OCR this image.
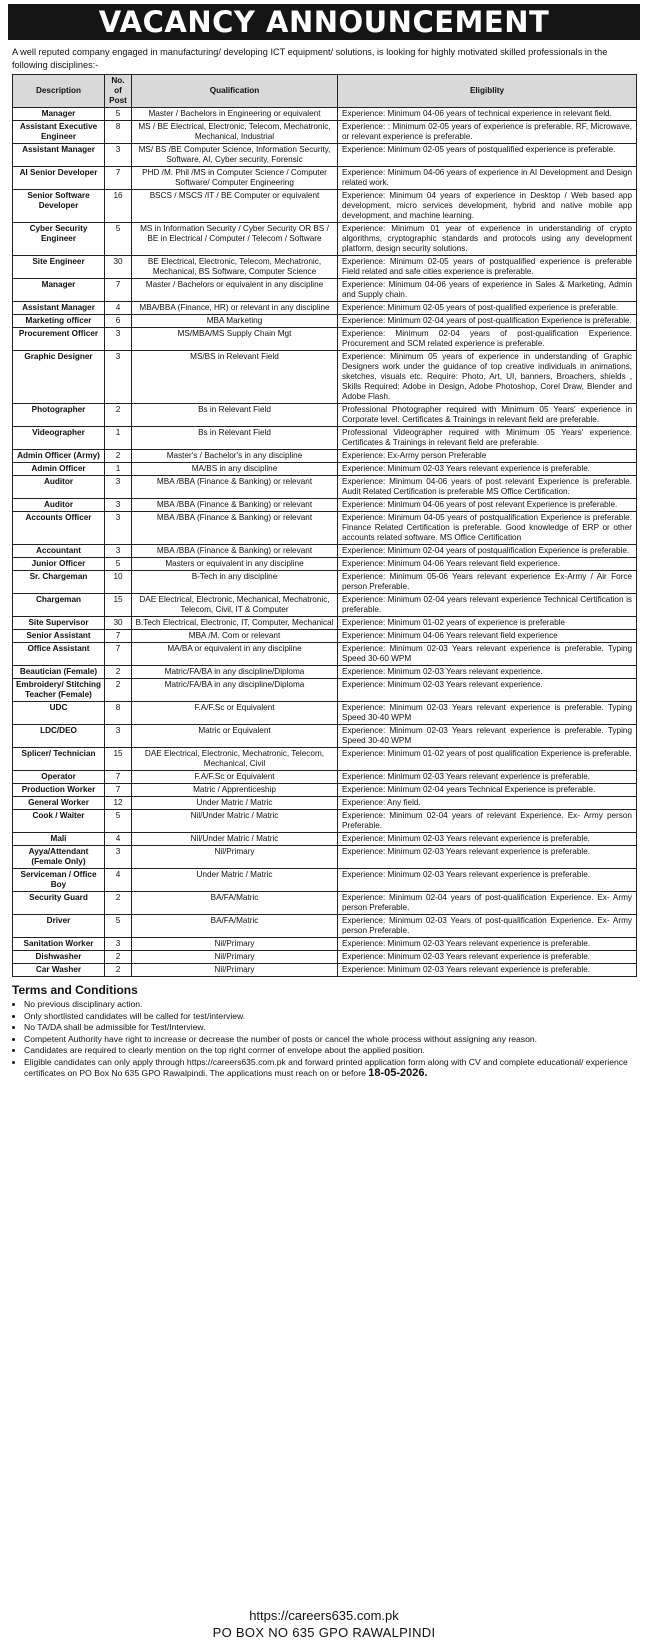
VACANCY ANNOUNCEMENT
A well reputed company engaged in manufacturing/ developing ICT equipment/ solutions, is looking for highly motivated skilled professionals in the following disciplines:-
Description	No. of Post	Qualification	Eligiblity
Manager	5	Master / Bachelors in Engineering or equivalent	Experience: Minimum 04-06 years of technical experience in relevant field.
Assistant Executive Engineer	8	MS / BE Electrical, Electronic, Telecom, Mechatronic, Mechanical, Industrial	Experience: : Minimum 02-05 years of experience is preferable. RF, Microwave, or relevant experience is preferable.
Assistant Manager	3	MS/ BS /BE Computer Science, Information Security, Software, AI, Cyber security, Forensic	Experience: Minimum 02-05 years of postqualified experience is preferable.
AI Senior Developer	7	PHD /M. Phil /MS in Computer Science / Computer Software/ Computer Engineering	Experience: Minimum 04-06 years of experience in AI Development and Design related work.
Senior Software Developer	16	BSCS / MSCS /IT / BE Computer or equivalent	Experience: Minimum 04 years of experience in Desktop / Web based app development, micro services development, hybrid and native mobile app development, and machine learning.
Cyber Security Engineer	5	MS in Information Security / Cyber Security OR BS / BE in Electrical / Computer / Telecom / Software	Experience: Minimum 01 year of experience in understanding of crypto algorithms, cryptographic standards and protocols using any development platform, design security solutions.
Site Engineer	30	BE Electrical, Electronic, Telecom, Mechatronic, Mechanical, BS Software, Computer Science	Experience: Minimum 02-05 years of postqualified experience is preferable Field related and safe cities experience is preferable.
Manager	7	Master / Bachelors or equivalent in any discipline	Experience: Minimum 04-06 years of experience in Sales & Marketing, Admin and Supply chain.
Assistant Manager	4	MBA/BBA (Finance, HR) or relevant in any discipline	Experience: Minimum 02-05 years of post-qualified experience is preferable.
Marketing officer	6	MBA Marketing	Experience: Minimum 02-04 years of post-qualification Experience is preferable.
Procurement Officer	3	MS/MBA/MS Supply Chain Mgt	Experience: Minimum 02-04 years of post-qualification Experience. Procurement and SCM related experience is preferable.
Graphic Designer	3	MS/BS in Relevant Field	Experience: Minimum 05 years of experience in understanding of Graphic Designers work under the guidance of top creative individuals in animations, sketches, visuals etc. Require: Photo, Art, UI, banners, Broachers, shields , Skills Required: Adobe in Design, Adobe Photoshop, Corel Draw, Blender and Adobe Flash.
Photographer	2	Bs in Relevant Field	Professional Photographer required with Minimum 05 Years' experience in Corporate level. Certificates & Trainings in relevant field are preferable.
Videographer	1	Bs in Relevant Field	Professional Videographer required with Minimum 05 Years' experience. Certificates & Trainings in relevant field are preferable.
Admin Officer (Army)	2	Master's / Bachelor's in any discipline	Experience: Ex-Army person Preferable
Admin Officer	1	MA/BS in any discipline	Experience: Minimum 02-03 Years relevant experience is preferable.
Auditor	3	MBA /BBA (Finance & Banking) or relevant	Experience: Minimum 04-06 years of post relevant Experience is preferable. Audit Related Certification is preferable MS Office Certification.
Auditor	3	MBA /BBA (Finance & Banking) or relevant	Experience: Minimum 04-06 years of post relevant Experience is preferable.
Accounts Officer	3	MBA /BBA (Finance & Banking) or relevant	Experience: Minimum 04-05 years of postqualification Experience is preferable. Finance Related Certification is preferable. Good knowledge of ERP or other accounts related software. MS Office Certification
Accountant	3	MBA /BBA (Finance & Banking) or relevant	Experience: Minimum 02-04 years of postqualification Experience is preferable.
Junior Officer	5	Masters or equivalent in any discipline	Experience: Minimum 04-06 Years relevant field experience.
Sr. Chargeman	10	B-Tech in any discipline	Experience: Minimum 05-06 Years relevant experience Ex-Army / Air Force person Preferable.
Chargeman	15	DAE Electrical, Electronic, Mechanical, Mechatronic, Telecom, Civil, IT & Computer	Experience: Minimum 02-04 years relevant experience Technical Certification is preferable.
Site Supervisor	30	B.Tech Electrical, Electronic, IT, Computer, Mechanical	Experience: Minimum 01-02 years of experience is preferable
Senior Assistant	7	MBA /M. Com or relevant	Experience: Minimum 04-06 Years relevant field experience
Office Assistant	7	MA/BA or equivalent in any discipline	Experience: Minimum 02-03 Years relevant experience is preferable. Typing Speed 30-60 WPM
Beautician (Female)	2	Matric/FA/BA in any discipline/Diploma	Experience: Minimum 02-03 Years relevant experience.
Embroidery/ Stitching Teacher (Female)	2	Matric/FA/BA in any discipline/Diploma	Experience: Minimum 02-03 Years relevant experience.
UDC	8	F.A/F.Sc or Equivalent	Experience: Minimum 02-03 Years relevant experience is preferable. Typing Speed 30-40 WPM
LDC/DEO	3	Matric or Equivalent	Experience: Minimum 02-03 Years relevant experience is preferable. Typing Speed 30-40 WPM
Splicer/ Technician	15	DAE Electrical, Electronic, Mechatronic, Telecom, Mechanical, Civil	Experience: Minimum 01-02 years of post qualification Experience is preferable.
Operator	7	F.A/F.Sc or Equivalent	Experience: Minimum 02-03 Years relevant experience is preferable.
Production Worker	7	Matric / Apprenticeship	Experience: Minimum 02-04 years Technical Experience is preferable.
General Worker	12	Under Matric / Matric	Experience: Any field.
Cook / Waiter	5	Nil/Under Matric / Matric	Experience: Minimum 02-04 years of relevant Experience. Ex- Army person Preferable.
Mali	4	Nil/Under Matric / Matric	Experience: Minimum 02-03 Years relevant experience is preferable.
Ayya/Attendant (Female Only)	3	Nil/Primary	Experience: Minimum 02-03 Years relevant experience is preferable.
Serviceman / Office Boy	4	Under Matric / Matric	Experience: Minimum 02-03 Years relevant experience is preferable.
Security Guard	2	BA/FA/Matric	Experience: Minimum 02-04 years of post-qualification Experience. Ex- Army person Preferable.
Driver	5	BA/FA/Matric	Experience: Minimum 02-03 Years of post-qualification Experience. Ex- Army person Preferable.
Sanitation Worker	3	Nil/Primary	Experience: Minimum 02-03 Years relevant experience is preferable.
Dishwasher	2	Nil/Primary	Experience: Minimum 02-03 Years relevant experience is preferable.
Car Washer	2	Nil/Primary	Experience: Minimum 02-03 Years relevant experience is preferable.
Terms and Conditions
• No previous disciplinary action.
• Only shortlisted candidates will be called for test/interview.
• No TA/DA shall be admissible for Test/Interview.
• Competent Authority have right to increase or decrease the number of posts or cancel the whole process without assigning any reason.
• Candidates are required to clearly mention on the top right corrner of envelope about the applied position.
• Eligible candidates can only apply through https://careers635.com.pk and forward printed application form along with CV and complete educational/ experience certificates on PO Box No 635 GPO Rawalpindi. The applications must reach on or before 18-05-2026.
https://careers635.com.pk
PO BOX NO 635 GPO RAWALPINDI
